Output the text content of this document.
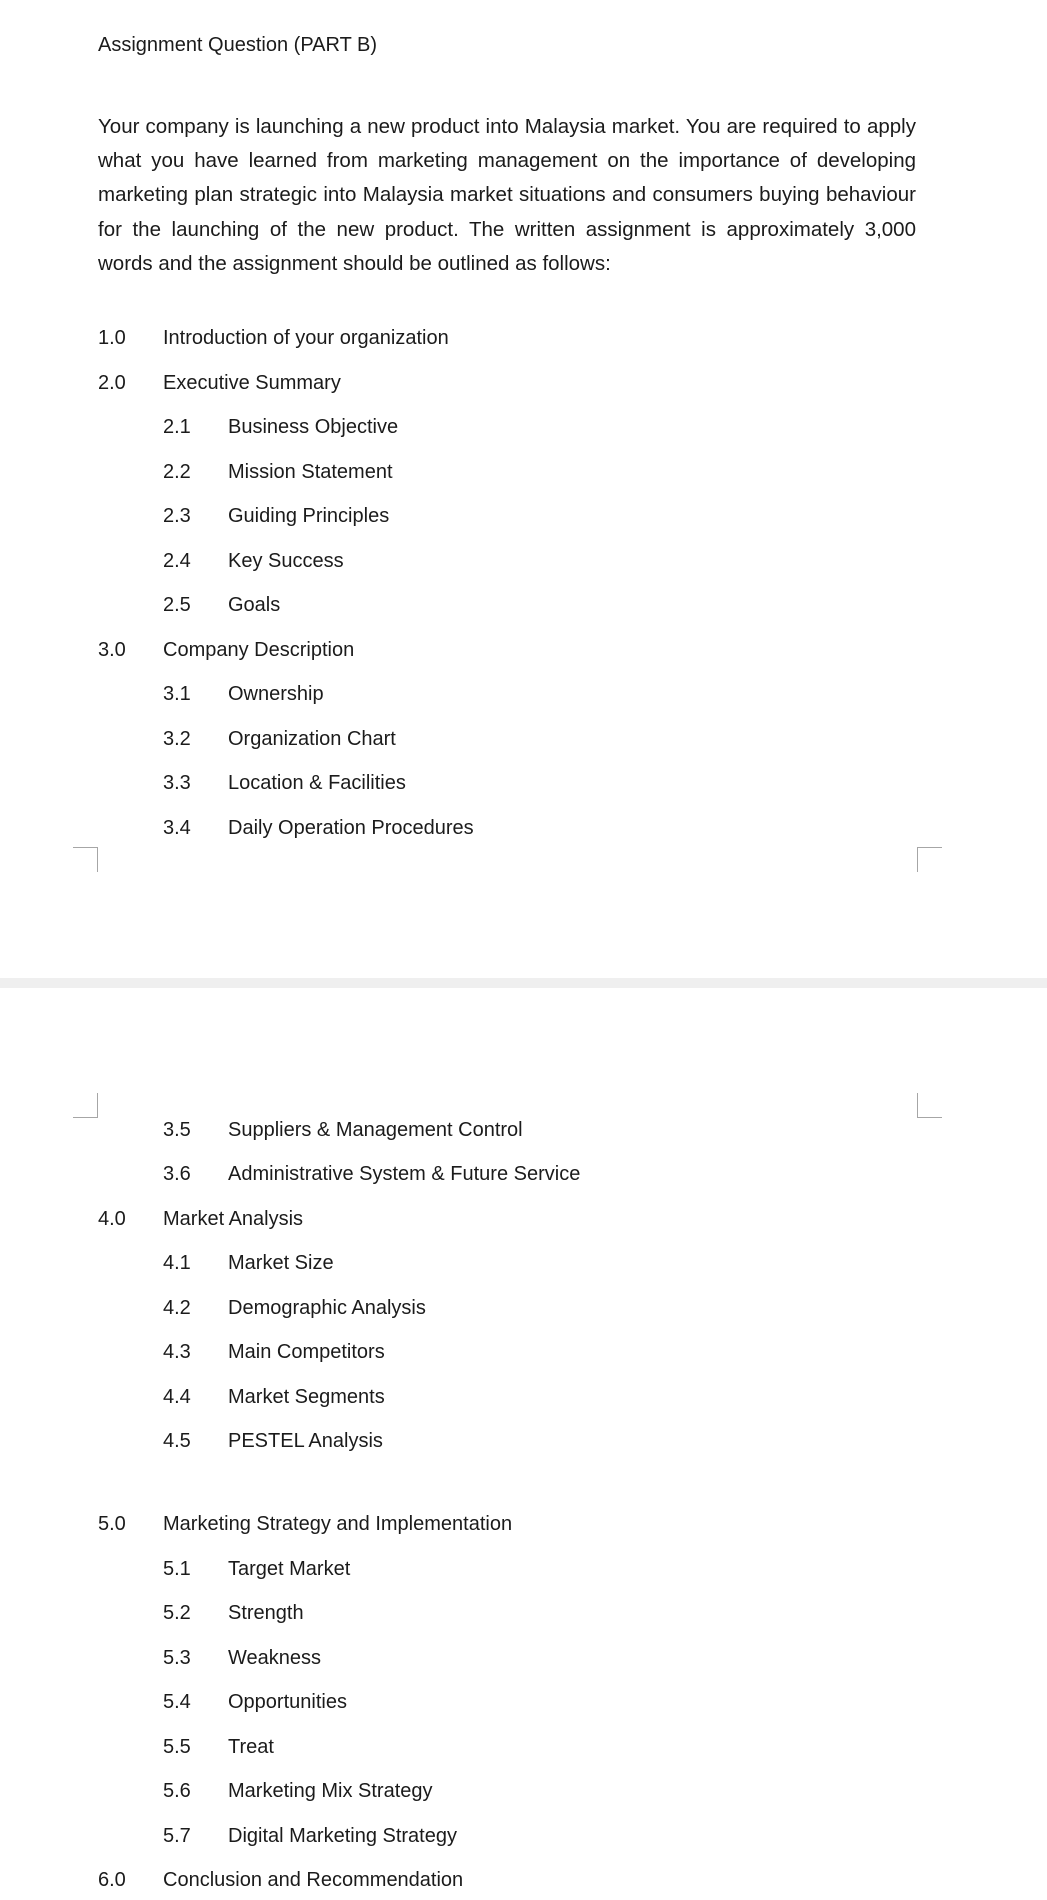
Assignment Question (PART B)

Your company is launching a new product into Malaysia market. You are required to apply what you have learned from marketing management on the importance of developing marketing plan strategic into Malaysia market situations and consumers buying behaviour for the launching of the new product. The written assignment is approximately 3,000 words and the assignment should be outlined as follows:

1.0 Introduction of your organization
2.0 Executive Summary
2.1 Business Objective
2.2 Mission Statement
2.3 Guiding Principles
2.4 Key Success
2.5 Goals
3.0 Company Description
3.1 Ownership
3.2 Organization Chart
3.3 Location & Facilities
3.4 Daily Operation Procedures
3.5 Suppliers & Management Control
3.6 Administrative System & Future Service
4.0 Market Analysis
4.1 Market Size
4.2 Demographic Analysis
4.3 Main Competitors
4.4 Market Segments
4.5 PESTEL Analysis
5.0 Marketing Strategy and Implementation
5.1 Target Market
5.2 Strength
5.3 Weakness
5.4 Opportunities
5.5 Treat
5.6 Marketing Mix Strategy
5.7 Digital Marketing Strategy
6.0 Conclusion and Recommendation
